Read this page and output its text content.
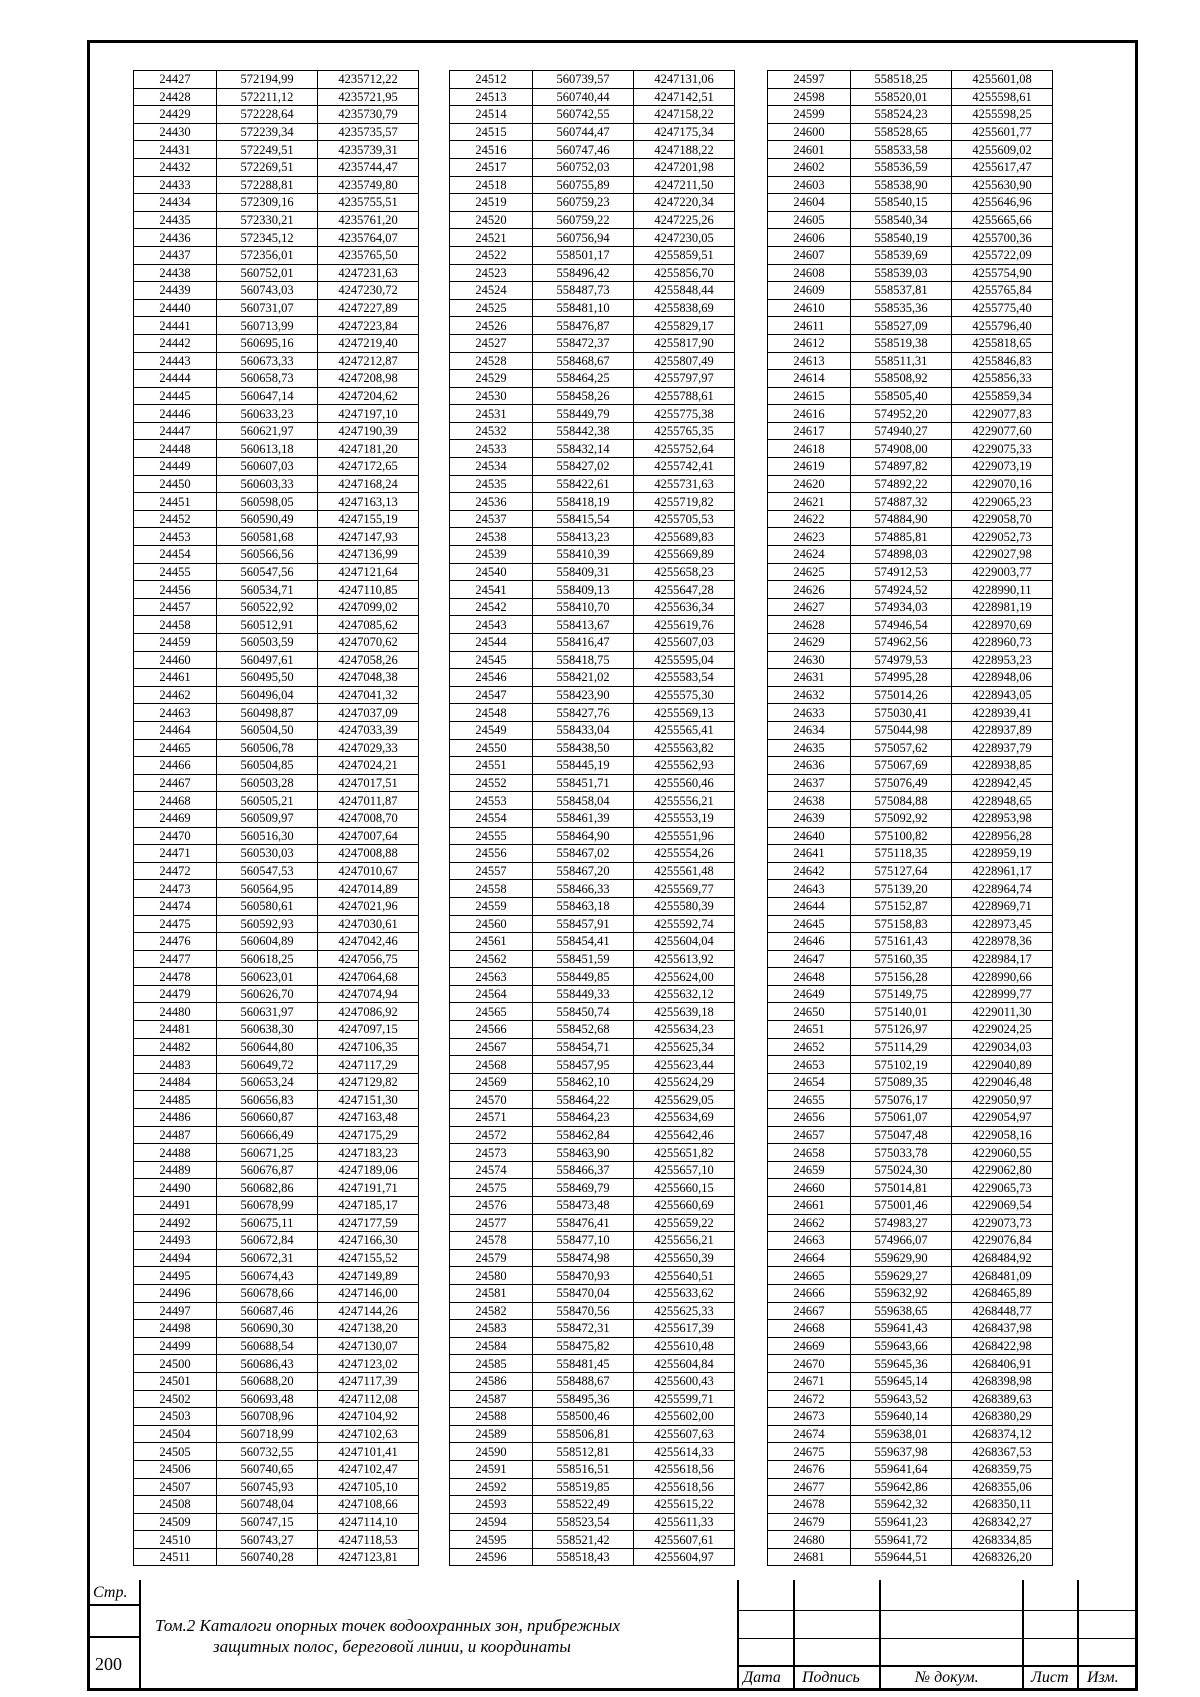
24427	572194,99	4235712,22
24428	572211,12	4235721,95
24429	572228,64	4235730,79
24430	572239,34	4235735,57
24431	572249,51	4235739,31
24432	572269,51	4235744,47
24433	572288,81	4235749,80
24434	572309,16	4235755,51
24435	572330,21	4235761,20
24436	572345,12	4235764,07
24437	572356,01	4235765,50
24438	560752,01	4247231,63
24439	560743,03	4247230,72
24440	560731,07	4247227,89
24441	560713,99	4247223,84
24442	560695,16	4247219,40
24443	560673,33	4247212,87
24444	560658,73	4247208,98
24445	560647,14	4247204,62
24446	560633,23	4247197,10
24447	560621,97	4247190,39
24448	560613,18	4247181,20
24449	560607,03	4247172,65
24450	560603,33	4247168,24
24451	560598,05	4247163,13
24452	560590,49	4247155,19
24453	560581,68	4247147,93
24454	560566,56	4247136,99
24455	560547,56	4247121,64
24456	560534,71	4247110,85
24457	560522,92	4247099,02
24458	560512,91	4247085,62
24459	560503,59	4247070,62
24460	560497,61	4247058,26
24461	560495,50	4247048,38
24462	560496,04	4247041,32
24463	560498,87	4247037,09
24464	560504,50	4247033,39
24465	560506,78	4247029,33
24466	560504,85	4247024,21
24467	560503,28	4247017,51
24468	560505,21	4247011,87
24469	560509,97	4247008,70
24470	560516,30	4247007,64
24471	560530,03	4247008,88
24472	560547,53	4247010,67
24473	560564,95	4247014,89
24474	560580,61	4247021,96
24475	560592,93	4247030,61
24476	560604,89	4247042,46
24477	560618,25	4247056,75
24478	560623,01	4247064,68
24479	560626,70	4247074,94
24480	560631,97	4247086,92
24481	560638,30	4247097,15
24482	560644,80	4247106,35
24483	560649,72	4247117,29
24484	560653,24	4247129,82
24485	560656,83	4247151,30
24486	560660,87	4247163,48
24487	560666,49	4247175,29
24488	560671,25	4247183,23
24489	560676,87	4247189,06
24490	560682,86	4247191,71
24491	560678,99	4247185,17
24492	560675,11	4247177,59
24493	560672,84	4247166,30
24494	560672,31	4247155,52
24495	560674,43	4247149,89
24496	560678,66	4247146,00
24497	560687,46	4247144,26
24498	560690,30	4247138,20
24499	560688,54	4247130,07
24500	560686,43	4247123,02
24501	560688,20	4247117,39
24502	560693,48	4247112,08
24503	560708,96	4247104,92
24504	560718,99	4247102,63
24505	560732,55	4247101,41
24506	560740,65	4247102,47
24507	560745,93	4247105,10
24508	560748,04	4247108,66
24509	560747,15	4247114,10
24510	560743,27	4247118,53
24511	560740,28	4247123,81
24512	560739,57	4247131,06
24513	560740,44	4247142,51
24514	560742,55	4247158,22
24515	560744,47	4247175,34
24516	560747,46	4247188,22
24517	560752,03	4247201,98
24518	560755,89	4247211,50
24519	560759,23	4247220,34
24520	560759,22	4247225,26
24521	560756,94	4247230,05
24522	558501,17	4255859,51
24523	558496,42	4255856,70
24524	558487,73	4255848,44
24525	558481,10	4255838,69
24526	558476,87	4255829,17
24527	558472,37	4255817,90
24528	558468,67	4255807,49
24529	558464,25	4255797,97
24530	558458,26	4255788,61
24531	558449,79	4255775,38
24532	558442,38	4255765,35
24533	558432,14	4255752,64
24534	558427,02	4255742,41
24535	558422,61	4255731,63
24536	558418,19	4255719,82
24537	558415,54	4255705,53
24538	558413,23	4255689,83
24539	558410,39	4255669,89
24540	558409,31	4255658,23
24541	558409,13	4255647,28
24542	558410,70	4255636,34
24543	558413,67	4255619,76
24544	558416,47	4255607,03
24545	558418,75	4255595,04
24546	558421,02	4255583,54
24547	558423,90	4255575,30
24548	558427,76	4255569,13
24549	558433,04	4255565,41
24550	558438,50	4255563,82
24551	558445,19	4255562,93
24552	558451,71	4255560,46
24553	558458,04	4255556,21
24554	558461,39	4255553,19
24555	558464,90	4255551,96
24556	558467,02	4255554,26
24557	558467,20	4255561,48
24558	558466,33	4255569,77
24559	558463,18	4255580,39
24560	558457,91	4255592,74
24561	558454,41	4255604,04
24562	558451,59	4255613,92
24563	558449,85	4255624,00
24564	558449,33	4255632,12
24565	558450,74	4255639,18
24566	558452,68	4255634,23
24567	558454,71	4255625,34
24568	558457,95	4255623,44
24569	558462,10	4255624,29
24570	558464,22	4255629,05
24571	558464,23	4255634,69
24572	558462,84	4255642,46
24573	558463,90	4255651,82
24574	558466,37	4255657,10
24575	558469,79	4255660,15
24576	558473,48	4255660,69
24577	558476,41	4255659,22
24578	558477,10	4255656,21
24579	558474,98	4255650,39
24580	558470,93	4255640,51
24581	558470,04	4255633,62
24582	558470,56	4255625,33
24583	558472,31	4255617,39
24584	558475,82	4255610,48
24585	558481,45	4255604,84
24586	558488,67	4255600,43
24587	558495,36	4255599,71
24588	558500,46	4255602,00
24589	558506,81	4255607,63
24590	558512,81	4255614,33
24591	558516,51	4255618,56
24592	558519,85	4255618,56
24593	558522,49	4255615,22
24594	558523,54	4255611,33
24595	558521,42	4255607,61
24596	558518,43	4255604,97
24597	558518,25	4255601,08
24598	558520,01	4255598,61
24599	558524,23	4255598,25
24600	558528,65	4255601,77
24601	558533,58	4255609,02
24602	558536,59	4255617,47
24603	558538,90	4255630,90
24604	558540,15	4255646,96
24605	558540,34	4255665,66
24606	558540,19	4255700,36
24607	558539,69	4255722,09
24608	558539,03	4255754,90
24609	558537,81	4255765,84
24610	558535,36	4255775,40
24611	558527,09	4255796,40
24612	558519,38	4255818,65
24613	558511,31	4255846,83
24614	558508,92	4255856,33
24615	558505,40	4255859,34
24616	574952,20	4229077,83
24617	574940,27	4229077,60
24618	574908,00	4229075,33
24619	574897,82	4229073,19
24620	574892,22	4229070,16
24621	574887,32	4229065,23
24622	574884,90	4229058,70
24623	574885,81	4229052,73
24624	574898,03	4229027,98
24625	574912,53	4229003,77
24626	574924,52	4228990,11
24627	574934,03	4228981,19
24628	574946,54	4228970,69
24629	574962,56	4228960,73
24630	574979,53	4228953,23
24631	574995,28	4228948,06
24632	575014,26	4228943,05
24633	575030,41	4228939,41
24634	575044,98	4228937,89
24635	575057,62	4228937,79
24636	575067,69	4228938,85
24637	575076,49	4228942,45
24638	575084,88	4228948,65
24639	575092,92	4228953,98
24640	575100,82	4228956,28
24641	575118,35	4228959,19
24642	575127,64	4228961,17
24643	575139,20	4228964,74
24644	575152,87	4228969,71
24645	575158,83	4228973,45
24646	575161,43	4228978,36
24647	575160,35	4228984,17
24648	575156,28	4228990,66
24649	575149,75	4228999,77
24650	575140,01	4229011,30
24651	575126,97	4229024,25
24652	575114,29	4229034,03
24653	575102,19	4229040,89
24654	575089,35	4229046,48
24655	575076,17	4229050,97
24656	575061,07	4229054,97
24657	575047,48	4229058,16
24658	575033,78	4229060,55
24659	575024,30	4229062,80
24660	575014,81	4229065,73
24661	575001,46	4229069,54
24662	574983,27	4229073,73
24663	574966,07	4229076,84
24664	559629,90	4268484,92
24665	559629,27	4268481,09
24666	559632,92	4268465,89
24667	559638,65	4268448,77
24668	559641,43	4268437,98
24669	559643,66	4268422,98
24670	559645,36	4268406,91
24671	559645,14	4268398,98
24672	559643,52	4268389,63
24673	559640,14	4268380,29
24674	559638,01	4268374,12
24675	559637,98	4268367,53
24676	559641,64	4268359,75
24677	559642,86	4268355,06
24678	559642,32	4268350,11
24679	559641,23	4268342,27
24680	559641,72	4268334,85
24681	559644,51	4268326,20
Стр.
200
Том.2 Каталоги опорных точек водоохранных зон, прибрежных
защитных полос, береговой линии, и координаты
Дата Подпись	№ докум.	Лист Изм.
